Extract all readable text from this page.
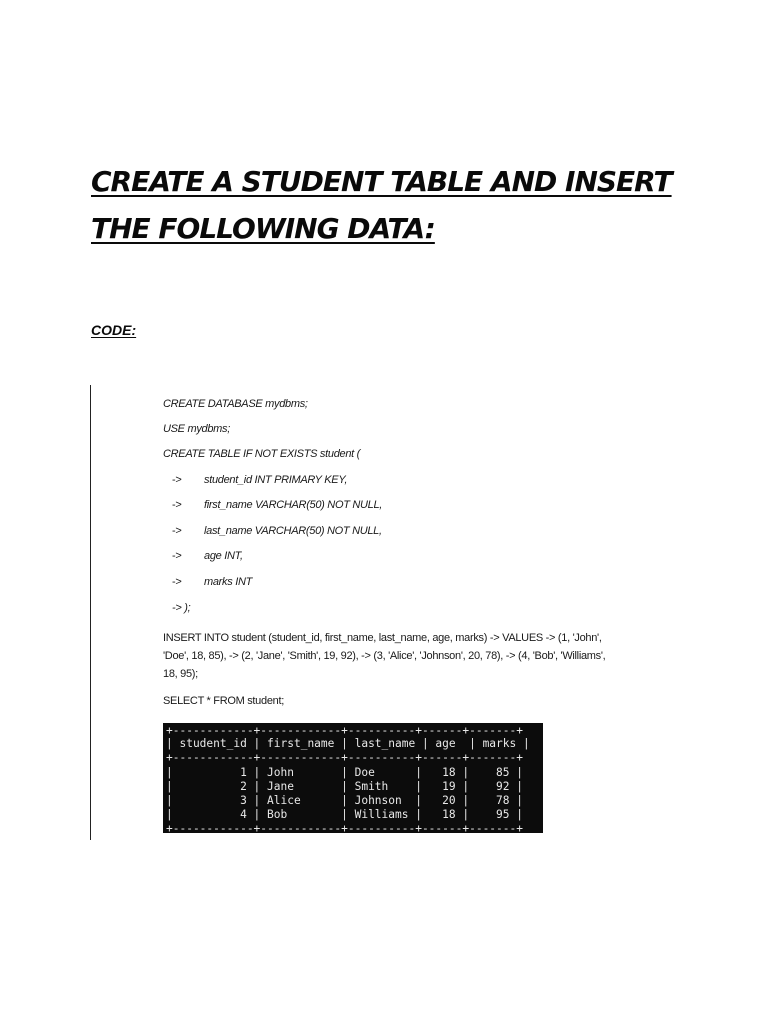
CREATE A STUDENT TABLE AND INSERT
THE FOLLOWING DATA:
CODE:
CREATE DATABASE mydbms;
USE mydbms;
CREATE TABLE IF NOT EXISTS student (
-> student_id INT PRIMARY KEY,
-> first_name VARCHAR(50) NOT NULL,
-> last_name VARCHAR(50) NOT NULL,
-> age INT,
-> marks INT
-> );
INSERT INTO student (student_id, first_name, last_name, age, marks) -> VALUES -> (1, 'John', 'Doe', 18, 85), -> (2, 'Jane', 'Smith', 19, 92), -> (3, 'Alice', 'Johnson', 20, 78), -> (4, 'Bob', 'Williams', 18, 95);
SELECT * FROM student;
+------------+------------+----------+------+-------+
| student_id | first_name | last_name | age  | marks |
+------------+------------+----------+------+-------+
|          1 | John       | Doe      |   18 |    85 |
|          2 | Jane       | Smith    |   19 |    92 |
|          3 | Alice      | Johnson  |   20 |    78 |
|          4 | Bob        | Williams |   18 |    95 |
+------------+------------+----------+------+-------+
